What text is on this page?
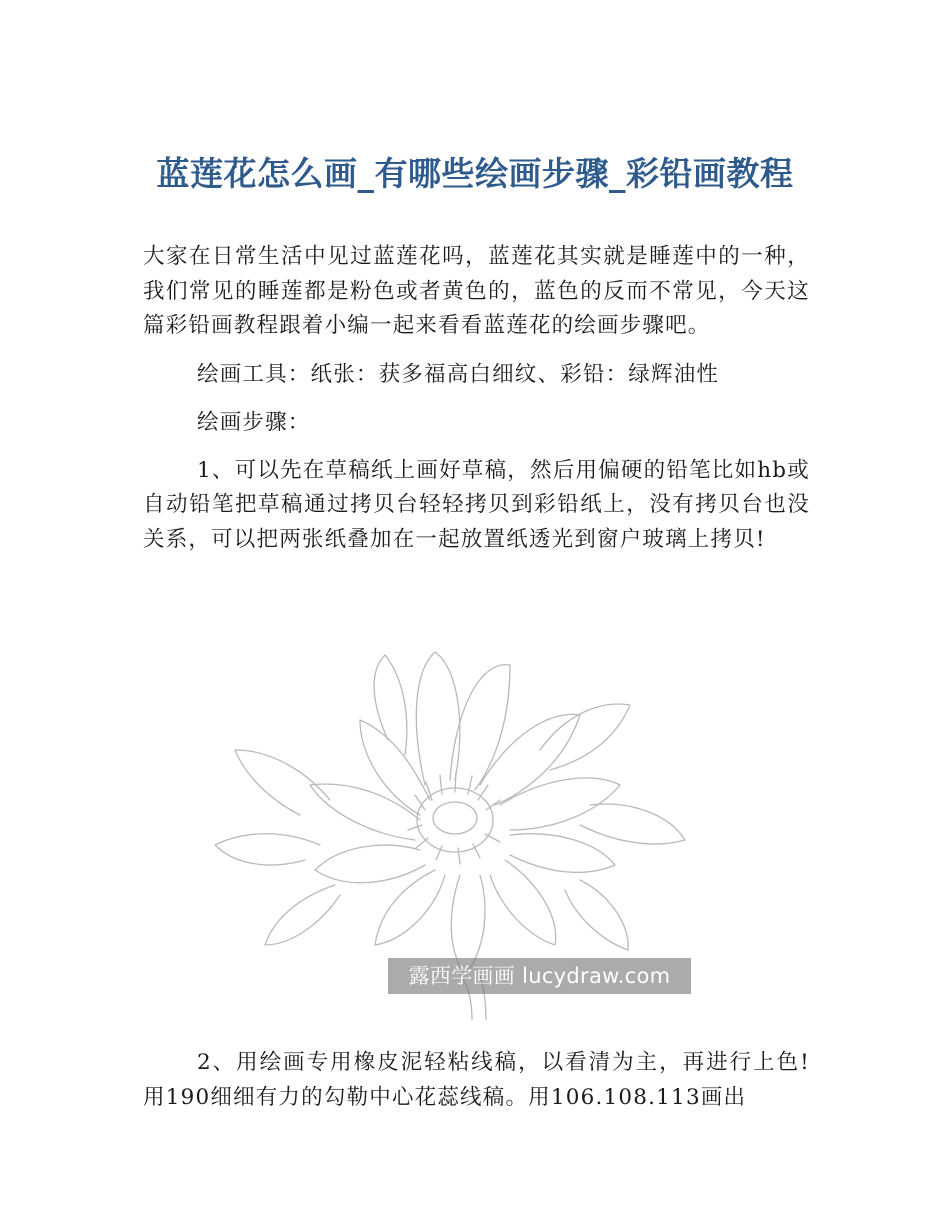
蓝莲花怎么画_有哪些绘画步骤_彩铅画教程

大家在日常生活中见过蓝莲花吗，蓝莲花其实就是睡莲中的一种，我们常见的睡莲都是粉色或者黄色的，蓝色的反而不常见，今天这篇彩铅画教程跟着小编一起来看看蓝莲花的绘画步骤吧。

绘画工具：纸张：获多福高白细纹、彩铅：绿辉油性

绘画步骤：

1、可以先在草稿纸上画好草稿，然后用偏硬的铅笔比如hb或自动铅笔把草稿通过拷贝台轻轻拷贝到彩铅纸上，没有拷贝台也没关系，可以把两张纸叠加在一起放置纸透光到窗户玻璃上拷贝!

露西学画画 lucydraw.com

2、用绘画专用橡皮泥轻粘线稿，以看清为主，再进行上色!用190细细有力的勾勒中心花蕊线稿。用106.108.113画出
